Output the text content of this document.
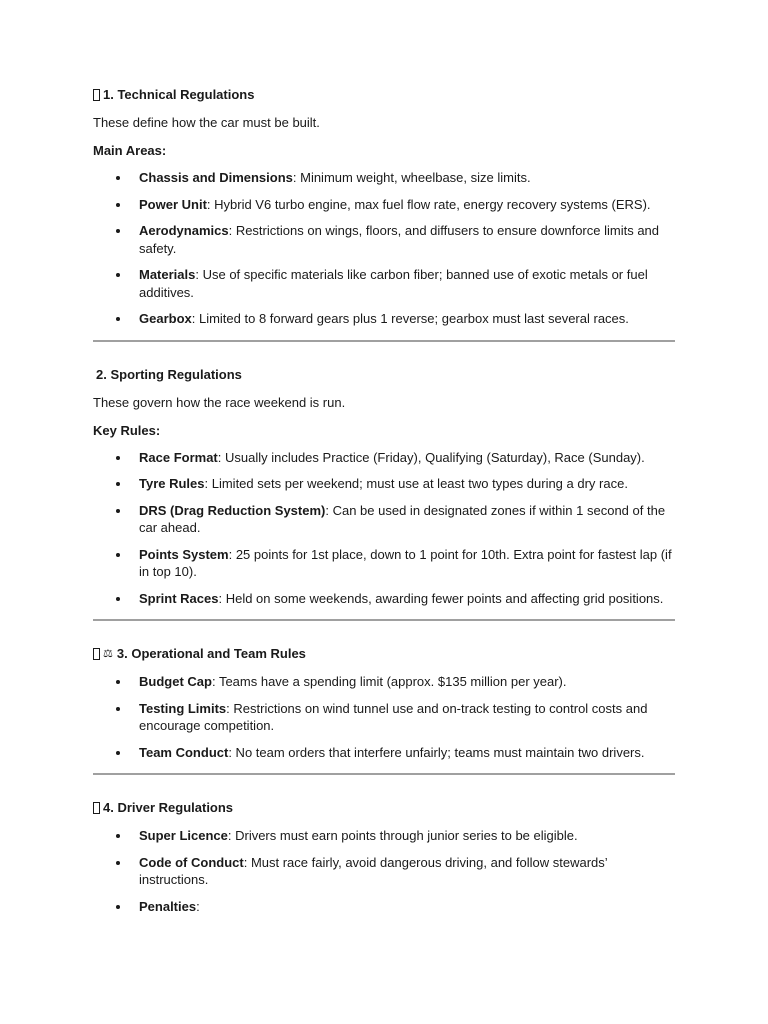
1. Technical Regulations

These define how the car must be built.

Main Areas:

Chassis and Dimensions: Minimum weight, wheelbase, size limits.
Power Unit: Hybrid V6 turbo engine, max fuel flow rate, energy recovery systems (ERS).
Aerodynamics: Restrictions on wings, floors, and diffusers to ensure downforce limits and safety.
Materials: Use of specific materials like carbon fiber; banned use of exotic metals or fuel additives.
Gearbox: Limited to 8 forward gears plus 1 reverse; gearbox must last several races.
2. Sporting Regulations

These govern how the race weekend is run.

Key Rules:

Race Format: Usually includes Practice (Friday), Qualifying (Saturday), Race (Sunday).
Tyre Rules: Limited sets per weekend; must use at least two types during a dry race.
DRS (Drag Reduction System): Can be used in designated zones if within 1 second of the car ahead.
Points System: 25 points for 1st place, down to 1 point for 10th. Extra point for fastest lap (if in top 10).
Sprint Races: Held on some weekends, awarding fewer points and affecting grid positions.
⚖ 3. Operational and Team Rules
Budget Cap: Teams have a spending limit (approx. $135 million per year).
Testing Limits: Restrictions on wind tunnel use and on-track testing to control costs and encourage competition.
Team Conduct: No team orders that interfere unfairly; teams must maintain two drivers.
4. Driver Regulations
Super Licence: Drivers must earn points through junior series to be eligible.
Code of Conduct: Must race fairly, avoid dangerous driving, and follow stewards’ instructions.
Penalties:
